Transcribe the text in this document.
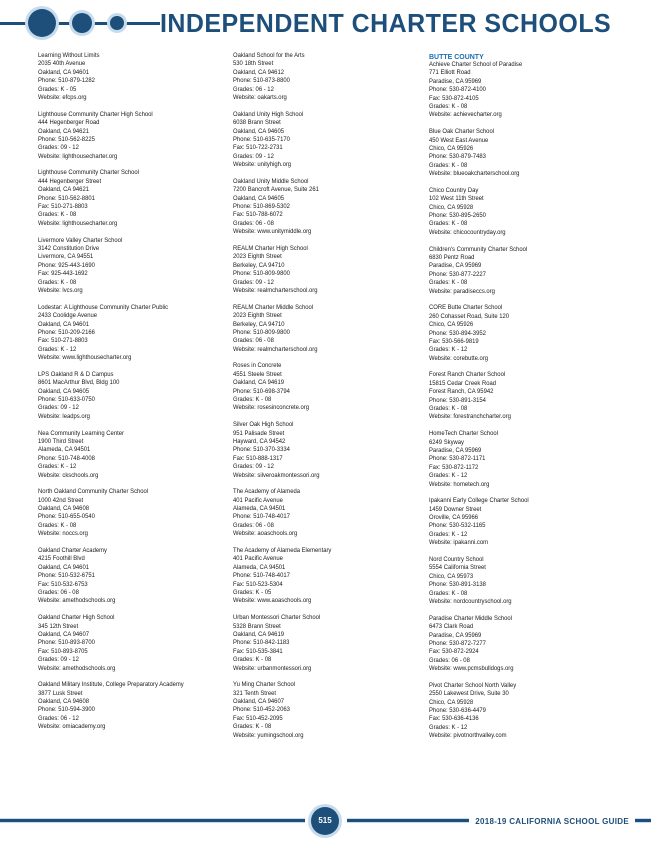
INDEPENDENT CHARTER SCHOOLS
Learning Without Limits
2035 40th Avenue
Oakland, CA 94601
Phone: 510-879-1282
Grades: K - 05
Website: efcps.org
Lighthouse Community Charter High School
444 Hegenberger Road
Oakland, CA 94621
Phone: 510-562-8225
Grades: 09 - 12
Website: lighthousecharter.org
Lighthouse Community Charter School
444 Hegenberger Street
Oakland, CA 94621
Phone: 510-562-8801
Fax: 510-271-8803
Grades: K - 08
Website: lighthousecharter.org
Livermore Valley Charter School
3142 Constitution Drive
Livermore, CA 94551
Phone: 925-443-1690
Fax: 925-443-1692
Grades: K - 08
Website: lvcs.org
Lodestar: A Lighthouse Community Charter Public
2433 Coolidge Avenue
Oakland, CA 94601
Phone: 510-209-2166
Fax: 510-271-8803
Grades: K - 12
Website: www.lighthousecharter.org
LPS Oakland R & D Campus
8601 MacArthur Blvd, Bldg 100
Oakland, CA 94605
Phone: 510-633-0750
Grades: 09 - 12
Website: leadps.org
Nea Community Learning Center
1900 Third Street
Alameda, CA 94501
Phone: 510-748-4008
Grades: K - 12
Website: ckschools.org
North Oakland Community Charter School
1000 42nd Street
Oakland, CA 94608
Phone: 510-655-0540
Grades: K - 08
Website: noccs.org
Oakland Charter Academy
4215 Foothill Blvd
Oakland, CA 94601
Phone: 510-532-6751
Fax: 510-532-6753
Grades: 06 - 08
Website: amethodschools.org
Oakland Charter High School
345 12th Street
Oakland, CA 94607
Phone: 510-893-8700
Fax: 510-893-8705
Grades: 09 - 12
Website: amethodschools.org
Oakland Military Institute, College Preparatory Academy
3877 Lusk Street
Oakland, CA 94608
Phone: 510-594-3900
Grades: 06 - 12
Website: omiacademy.org
Oakland School for the Arts
530 18th Street
Oakland, CA 94612
Phone: 510-873-8800
Grades: 06 - 12
Website: oakarts.org
Oakland Unity High School
6038 Brann Street
Oakland, CA 94605
Phone: 510-635-7170
Fax: 510-722-2731
Grades: 09 - 12
Website: unityhigh.org
Oakland Unity Middle School
7200 Bancroft Avenue, Suite 261
Oakland, CA 94605
Phone: 510-869-5302
Fax: 510-788-6072
Grades: 06 - 08
Website: www.unitymiddle.org
REALM Charter High School
2023 Eighth Street
Berkeley, CA 94710
Phone: 510-809-9800
Grades: 09 - 12
Website: realmcharterschool.org
REALM Charter Middle School
2023 Eighth Street
Berkeley, CA 94710
Phone: 510-809-9800
Grades: 06 - 08
Website: realmcharterschool.org
Roses in Concrete
4551 Steele Street
Oakland, CA 94619
Phone: 510-698-3794
Grades: K - 08
Website: rosesinconcrete.org
Silver Oak High School
951 Palisade Street
Hayward, CA 94542
Phone: 510-370-3334
Fax: 510-888-1317
Grades: 09 - 12
Website: silveroakmontessori.org
The Academy of Alameda
401 Pacific Avenue
Alameda, CA 94501
Phone: 510-748-4017
Grades: 06 - 08
Website: aoaschools.org
The Academy of Alameda Elementary
401 Pacific Avenue
Alameda, CA 94501
Phone: 510-748-4017
Fax: 510-523-5304
Grades: K - 05
Website: www.aoaschools.org
Urban Montessori Charter School
5328 Brann Street
Oakland, CA 94619
Phone: 510-842-1183
Fax: 510-535-3841
Grades: K - 08
Website: urbanmontessori.org
Yu Ming Charter School
321 Tenth Street
Oakland, CA 94607
Phone: 510-452-2063
Fax: 510-452-2095
Grades: K - 08
Website: yumingschool.org
BUTTE COUNTY
Achieve Charter School of Paradise
771 Elliott Road
Paradise, CA 95969
Phone: 530-872-4100
Fax: 530-872-4105
Grades: K - 08
Website: achievecharter.org
Blue Oak Charter School
450 West East Avenue
Chico, CA 95926
Phone: 530-879-7483
Grades: K - 08
Website: blueoakcharterschool.org
Chico Country Day
102 West 11th Street
Chico, CA 95928
Phone: 530-895-2650
Grades: K - 08
Website: chicocountryday.org
Children's Community Charter School
6830 Pentz Road
Paradise, CA 95969
Phone: 530-877-2227
Grades: K - 08
Website: paradiseccs.org
CORE Butte Charter School
260 Cohasset Road, Suite 120
Chico, CA 95926
Phone: 530-894-3952
Fax: 530-566-9819
Grades: K - 12
Website: corebutte.org
Forest Ranch Charter School
15815 Cedar Creek Road
Forest Ranch, CA 95942
Phone: 530-891-3154
Grades: K - 08
Website: forestranchcharter.org
HomeTech Charter School
6249 Skyway
Paradise, CA 95969
Phone: 530-872-1171
Fax: 530-872-1172
Grades: K - 12
Website: hometech.org
Ipakanni Early College Charter School
1459 Downer Street
Oroville, CA 95966
Phone: 530-532-1165
Grades: K - 12
Website: ipakanni.com
Nord Country School
5554 California Street
Chico, CA 95973
Phone: 530-891-3138
Grades: K - 08
Website: nordcountryschool.org
Paradise Charter Middle School
6473 Clark Road
Paradise, CA 95969
Phone: 530-872-7277
Fax: 530-872-2924
Grades: 06 - 08
Website: www.pcmsbulldogs.org
Pivot Charter School North Valley
2550 Lakewest Drive, Suite 30
Chico, CA 95928
Phone: 530-636-4479
Fax: 530-636-4136
Grades: K - 12
Website: pivotnorthvalley.com
515	2018-19 CALIFORNIA SCHOOL GUIDE
